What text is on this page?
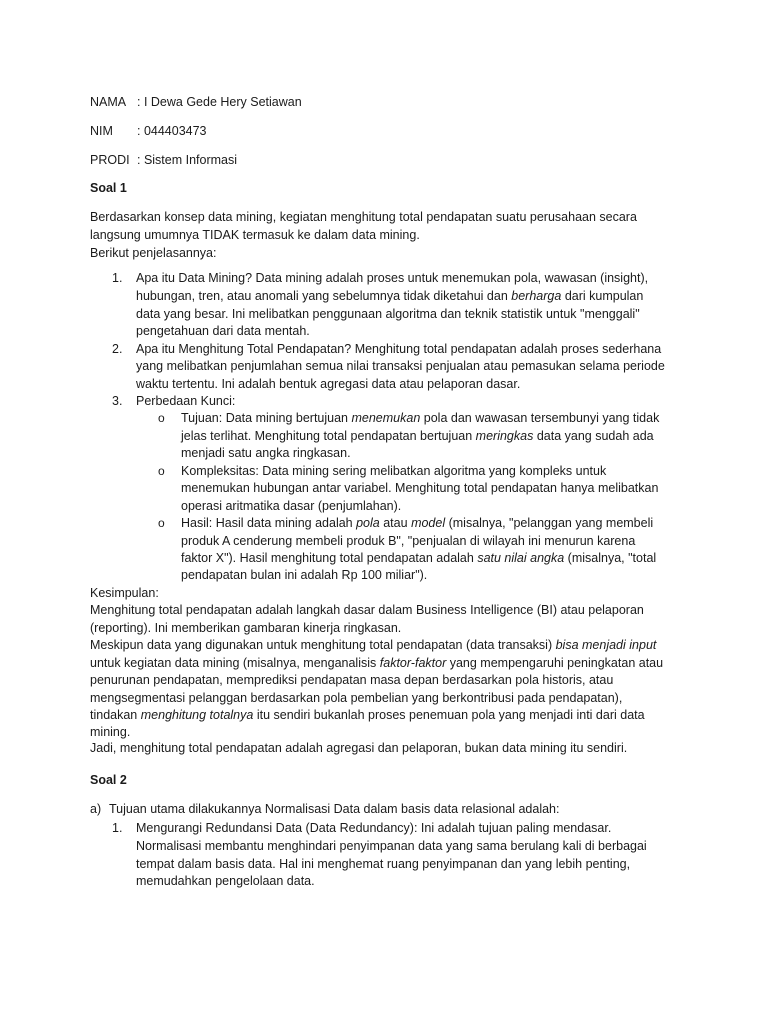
NAMA : I Dewa Gede Hery Setiawan
NIM : 044403473
PRODI : Sistem Informasi
Soal 1
Berdasarkan konsep data mining, kegiatan menghitung total pendapatan suatu perusahaan secara
langsung umumnya TIDAK termasuk ke dalam data mining.
Berikut penjelasannya:
1. Apa itu Data Mining? Data mining adalah proses untuk menemukan pola, wawasan (insight),
hubungan, tren, atau anomali yang sebelumnya tidak diketahui dan berharga dari kumpulan
data yang besar. Ini melibatkan penggunaan algoritma dan teknik statistik untuk "menggali"
pengetahuan dari data mentah.
2. Apa itu Menghitung Total Pendapatan? Menghitung total pendapatan adalah proses sederhana
yang melibatkan penjumlahan semua nilai transaksi penjualan atau pemasukan selama periode
waktu tertentu. Ini adalah bentuk agregasi data atau pelaporan dasar.
3. Perbedaan Kunci:
o Tujuan: Data mining bertujuan menemukan pola dan wawasan tersembunyi yang tidak
jelas terlihat. Menghitung total pendapatan bertujuan meringkas data yang sudah ada
menjadi satu angka ringkasan.
o Kompleksitas: Data mining sering melibatkan algoritma yang kompleks untuk
menemukan hubungan antar variabel. Menghitung total pendapatan hanya melibatkan
operasi aritmatika dasar (penjumlahan).
o Hasil: Hasil data mining adalah pola atau model (misalnya, "pelanggan yang membeli
produk A cenderung membeli produk B", "penjualan di wilayah ini menurun karena
faktor X"). Hasil menghitung total pendapatan adalah satu nilai angka (misalnya, "total
pendapatan bulan ini adalah Rp 100 miliar").
Kesimpulan:
Menghitung total pendapatan adalah langkah dasar dalam Business Intelligence (BI) atau pelaporan
(reporting). Ini memberikan gambaran kinerja ringkasan.
Meskipun data yang digunakan untuk menghitung total pendapatan (data transaksi) bisa menjadi input
untuk kegiatan data mining (misalnya, menganalisis faktor-faktor yang mempengaruhi peningkatan atau
penurunan pendapatan, memprediksi pendapatan masa depan berdasarkan pola historis, atau
mengsegmentasi pelanggan berdasarkan pola pembelian yang berkontribusi pada pendapatan),
tindakan menghitung totalnya itu sendiri bukanlah proses penemuan pola yang menjadi inti dari data
mining.
Jadi, menghitung total pendapatan adalah agregasi dan pelaporan, bukan data mining itu sendiri.
Soal 2
a) Tujuan utama dilakukannya Normalisasi Data dalam basis data relasional adalah:
1. Mengurangi Redundansi Data (Data Redundancy): Ini adalah tujuan paling mendasar.
Normalisasi membantu menghindari penyimpanan data yang sama berulang kali di berbagai
tempat dalam basis data. Hal ini menghemat ruang penyimpanan dan yang lebih penting,
memudahkan pengelolaan data.
